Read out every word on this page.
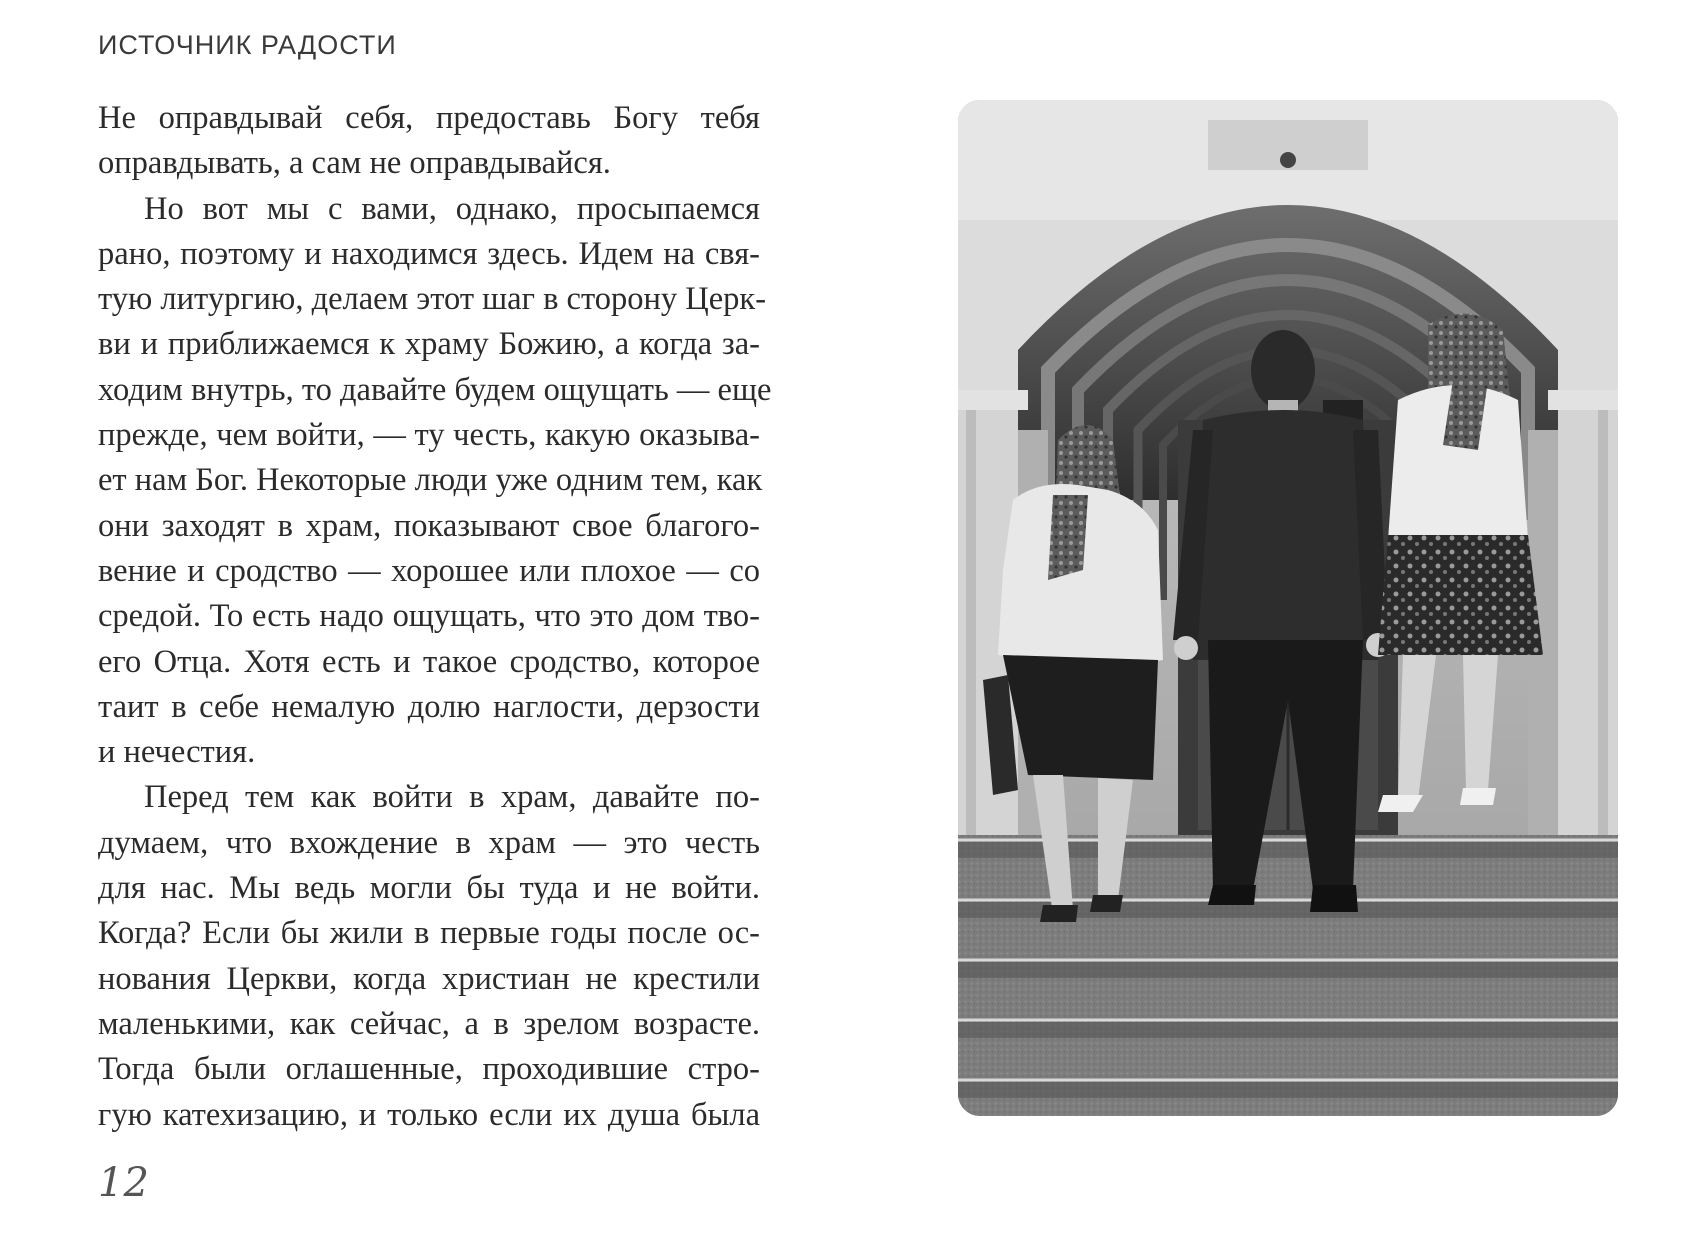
ИСТОЧНИК РАДОСТИ
Не оправдывай себя, предоставь Богу тебя
оправдывать, а сам не оправдывайся.
Но вот мы с вами, однако, просыпаемся
рано, поэтому и находимся здесь. Идем на свя-
тую литургию, делаем этот шаг в сторону Церк-
ви и приближаемся к храму Божию, а когда за-
ходим внутрь, то давайте будем ощущать — еще
прежде, чем войти, — ту честь, какую оказыва-
ет нам Бог. Некоторые люди уже одним тем, как
они заходят в храм, показывают свое благого-
вение и сродство — хорошее или плохое — со
средой. То есть надо ощущать, что это дом тво-
его Отца. Хотя есть и такое сродство, которое
таит в себе немалую долю наглости, дерзости
и нечестия.
Перед тем как войти в храм, давайте по-
думаем, что вхождение в храм — это честь
для нас. Мы ведь могли бы туда и не войти.
Когда? Если бы жили в первые годы после ос-
нования Церкви, когда христиан не крестили
маленькими, как сейчас, а в зрелом возрасте.
Тогда были оглашенные, проходившие стро-
гую катехизацию, и только если их душа была
12
